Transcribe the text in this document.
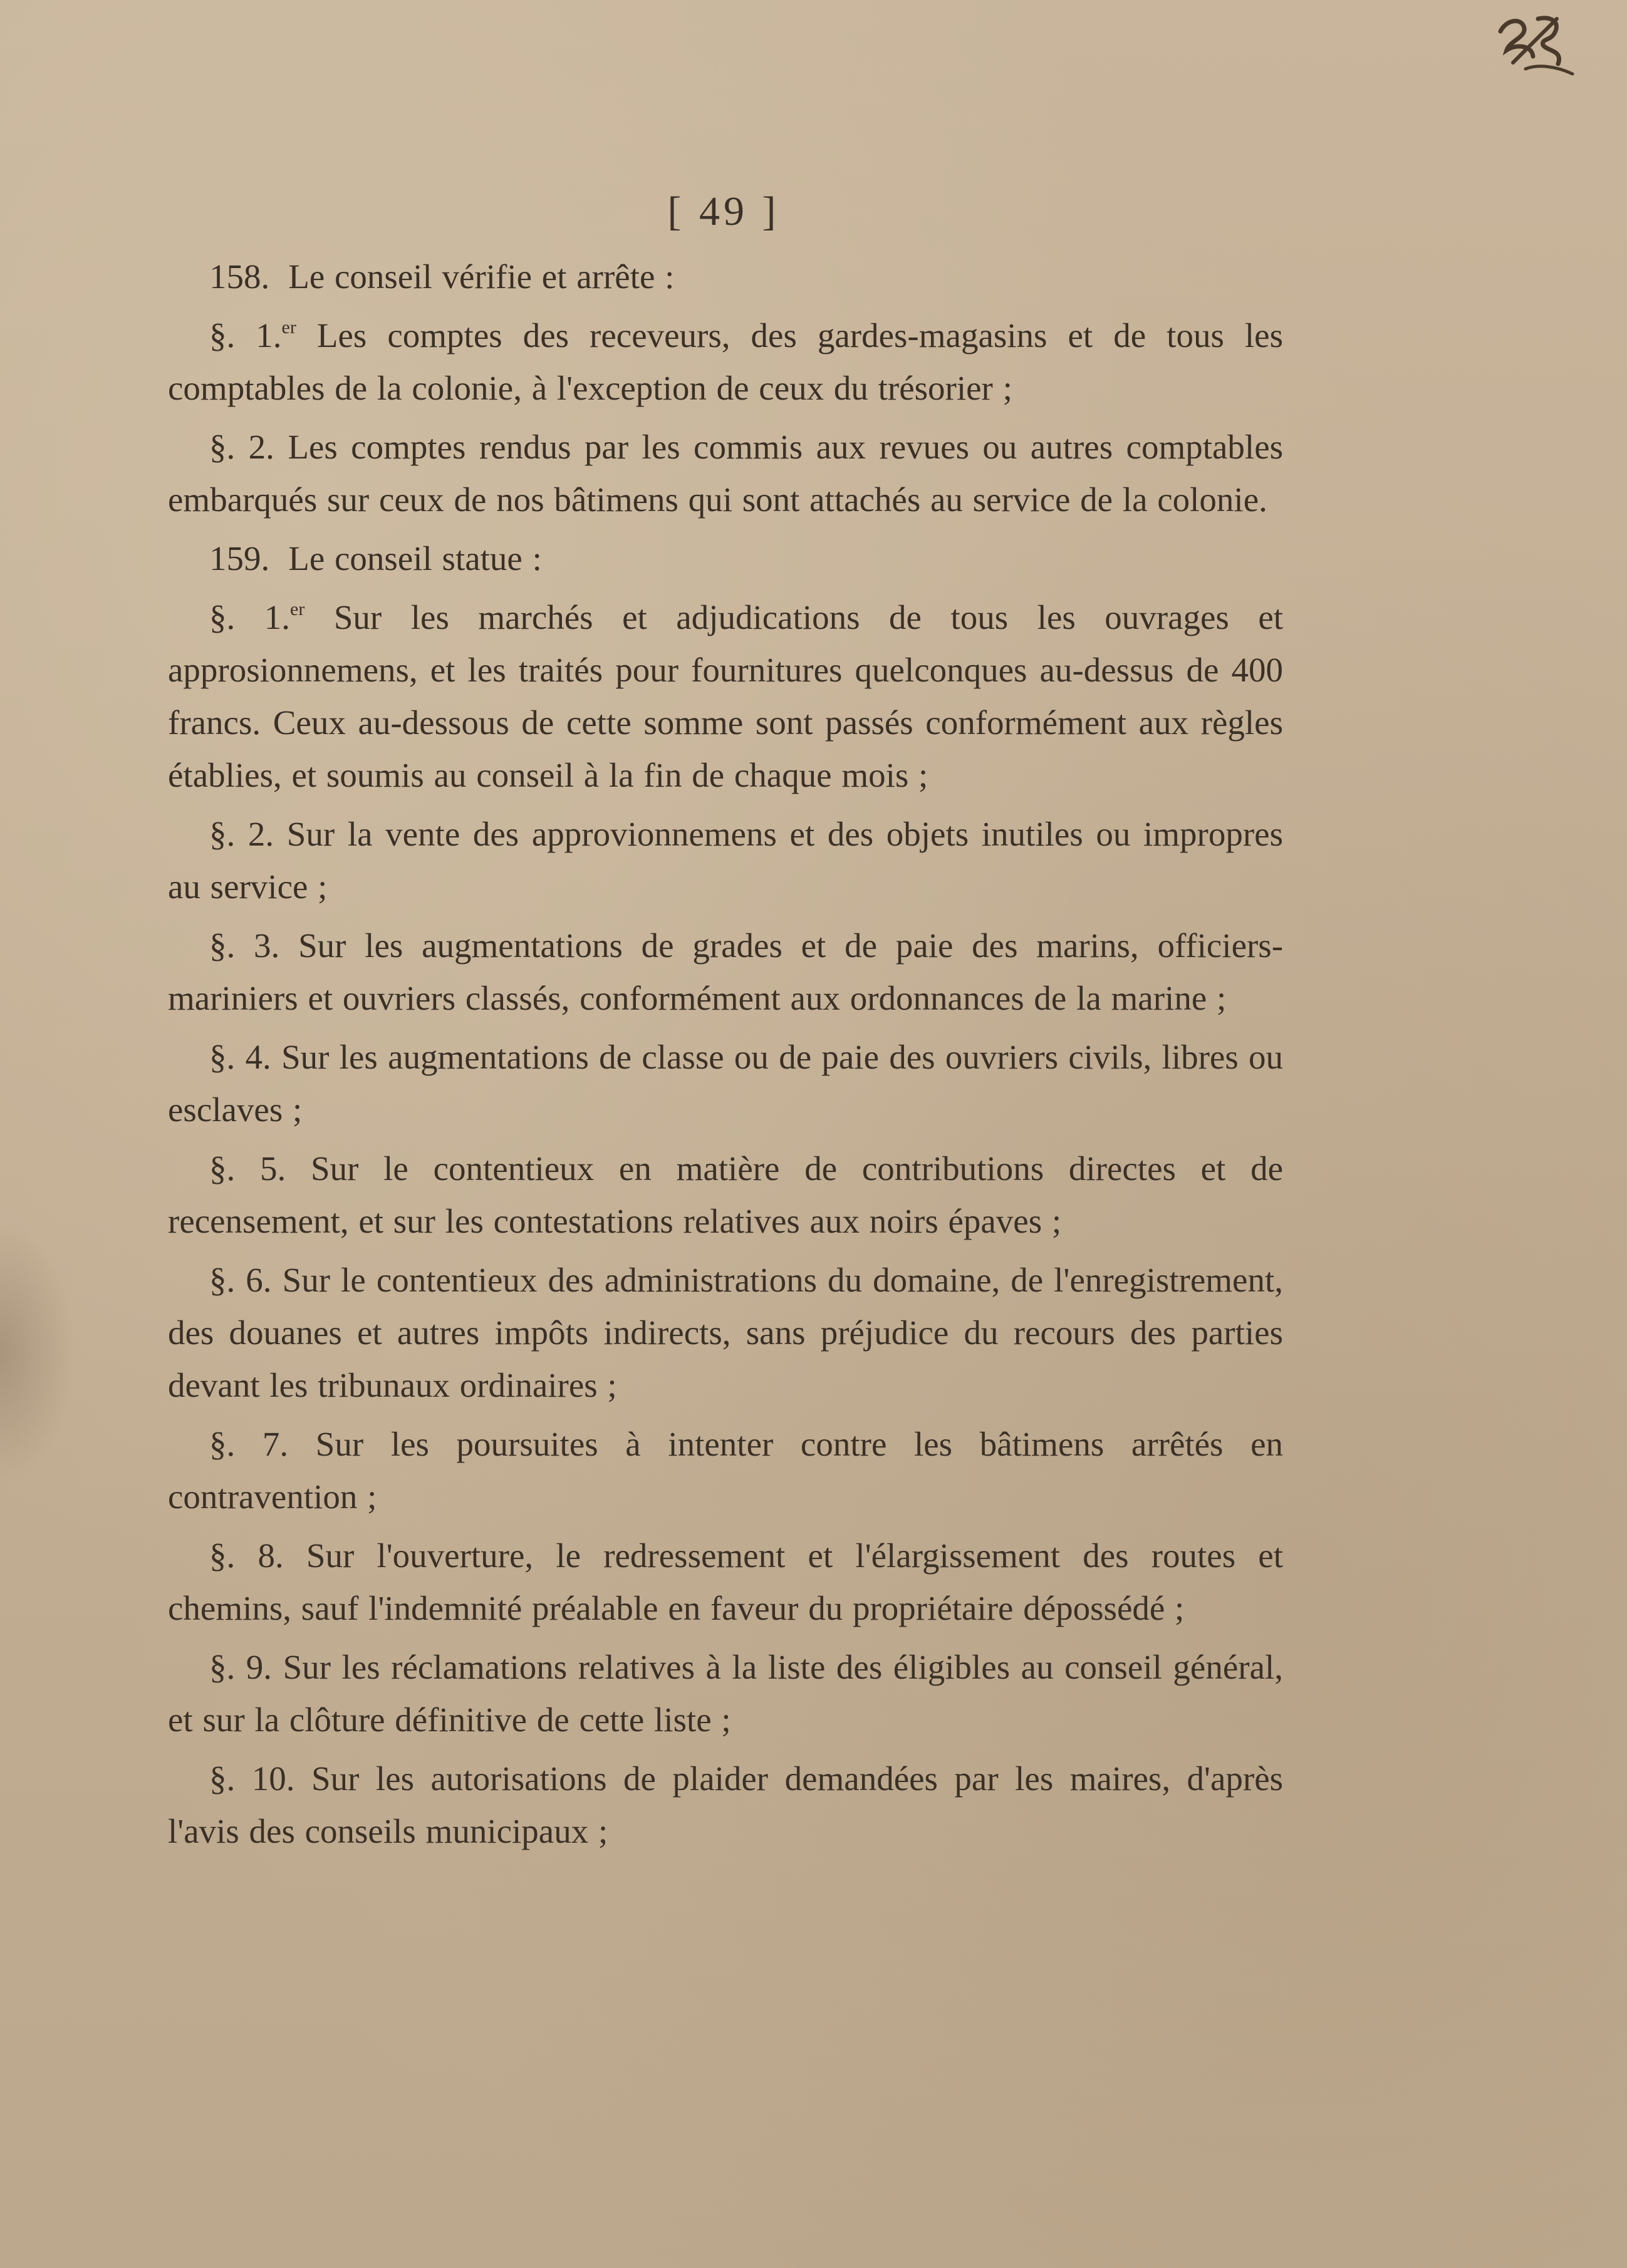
[ 49 ]

158. Le conseil vérifie et arrête :

§. 1.$^{er}$ Les comptes des receveurs, des gardes-magasins et de tous les comptables de la colonie, à l'exception de ceux du trésorier ;

§. 2. Les comptes rendus par les commis aux revues ou autres comptables embarqués sur ceux de nos bâtimens qui sont attachés au service de la colonie.

159. Le conseil statue :

§. 1.$^{er}$ Sur les marchés et adjudications de tous les ouvrages et approsionnemens, et les traités pour fournitures quelconques au-dessus de 400 francs. Ceux au-dessous de cette somme sont passés conformément aux règles établies, et soumis au conseil à la fin de chaque mois ;

§. 2. Sur la vente des approvionnemens et des objets inutiles ou impropres au service ;

§. 3. Sur les augmentations de grades et de paie des marins, officiers-mariniers et ouvriers classés, conformément aux ordonnances de la marine ;

§. 4. Sur les augmentations de classe ou de paie des ouvriers civils, libres ou esclaves ;

§. 5. Sur le contentieux en matière de contributions directes et de recensement, et sur les contestations relatives aux noirs épaves ;

§. 6. Sur le contentieux des administrations du domaine, de l'enregistrement, des douanes et autres impôts indirects, sans préjudice du recours des parties devant les tribunaux ordinaires ;

§. 7. Sur les poursuites à intenter contre les bâtimens arrêtés en contravention ;

§. 8. Sur l'ouverture, le redressement et l'élargissement des routes et chemins, sauf l'indemnité préalable en faveur du propriétaire dépossédé ;

§. 9. Sur les réclamations relatives à la liste des éligibles au conseil général, et sur la clôture définitive de cette liste ;

§. 10. Sur les autorisations de plaider demandées par les maires, d'après l'avis des conseils municipaux ;
